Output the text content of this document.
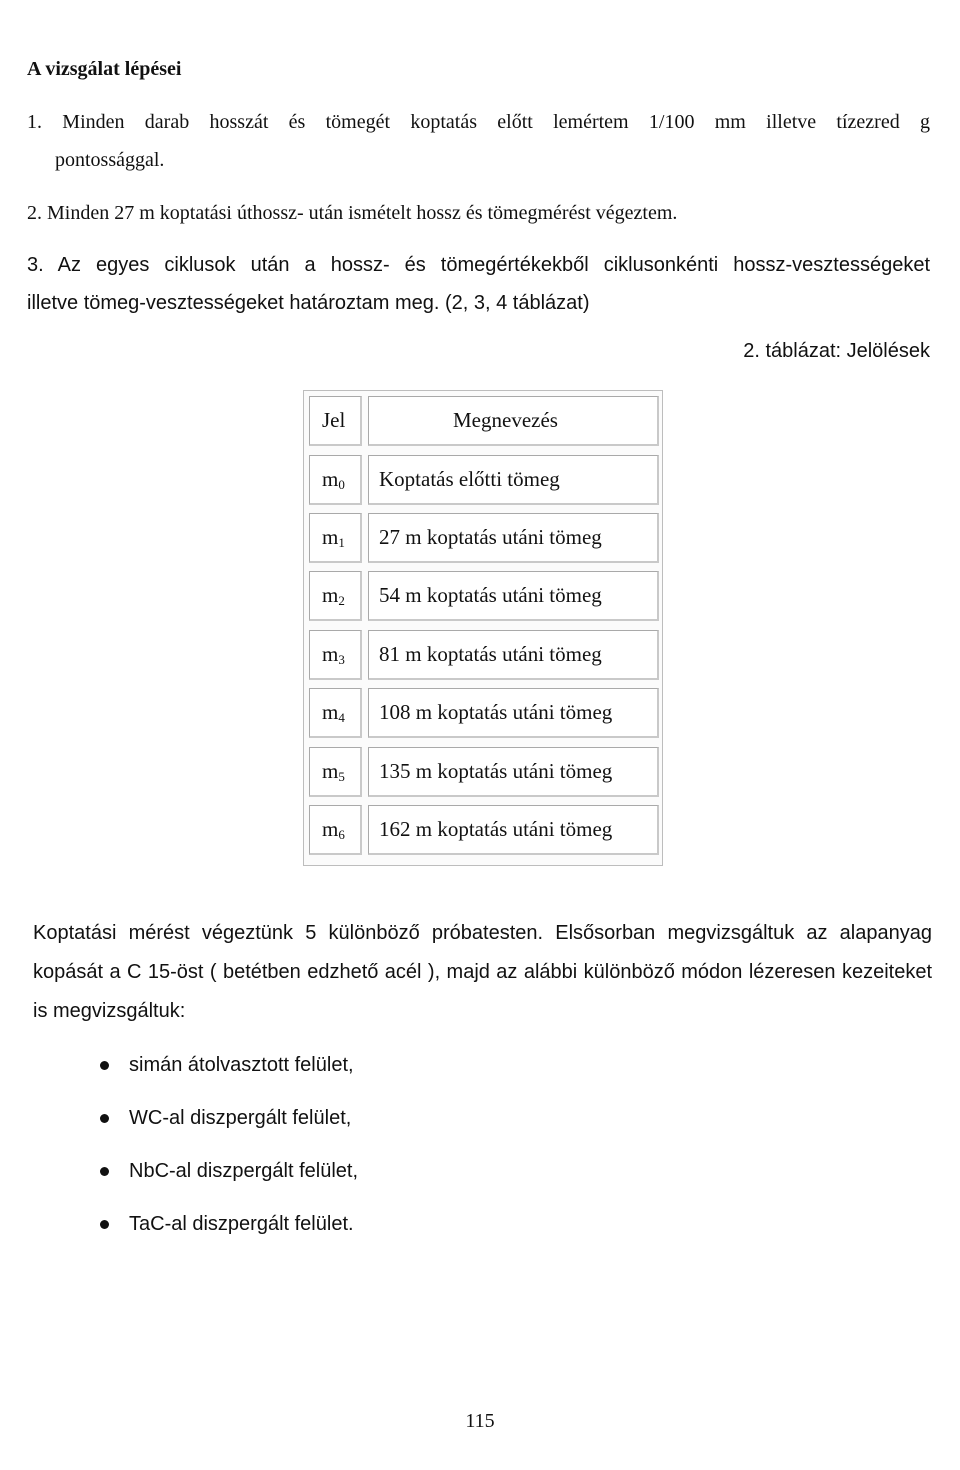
A vizsgálat lépései
1. Minden darab hosszát és tömegét koptatás előtt lemértem 1/100 mm illetve tízezred g
pontossággal.
2. Minden 27 m koptatási úthossz- után ismételt hossz és tömegmérést végeztem.
3. Az egyes ciklusok után a hossz- és tömegértékekből ciklusonkénti hossz-vesztességeket
illetve tömeg-vesztességeket határoztam meg. (2, 3, 4 táblázat)
2. táblázat: Jelölések
Jel	Megnevezés
$m_0$	Koptatás előtti tömeg
$m_1$	27 m koptatás utáni tömeg
$m_2$	54 m koptatás utáni tömeg
$m_3$	81 m koptatás utáni tömeg
$m_4$	108 m koptatás utáni tömeg
$m_5$	135 m koptatás utáni tömeg
$m_6$	162 m koptatás utáni tömeg
Koptatási mérést végeztünk 5 különböző próbatesten. Elsősorban megvizsgáltuk az alapanyag kopását a C 15-öst ( betétben edzhető acél ), majd az alábbi különböző módon lézeresen kezeiteket is megvizsgáltuk:
simán átolvasztott felület,
WC-al diszpergált felület,
NbC-al diszpergált felület,
TaC-al diszpergált felület.
115
